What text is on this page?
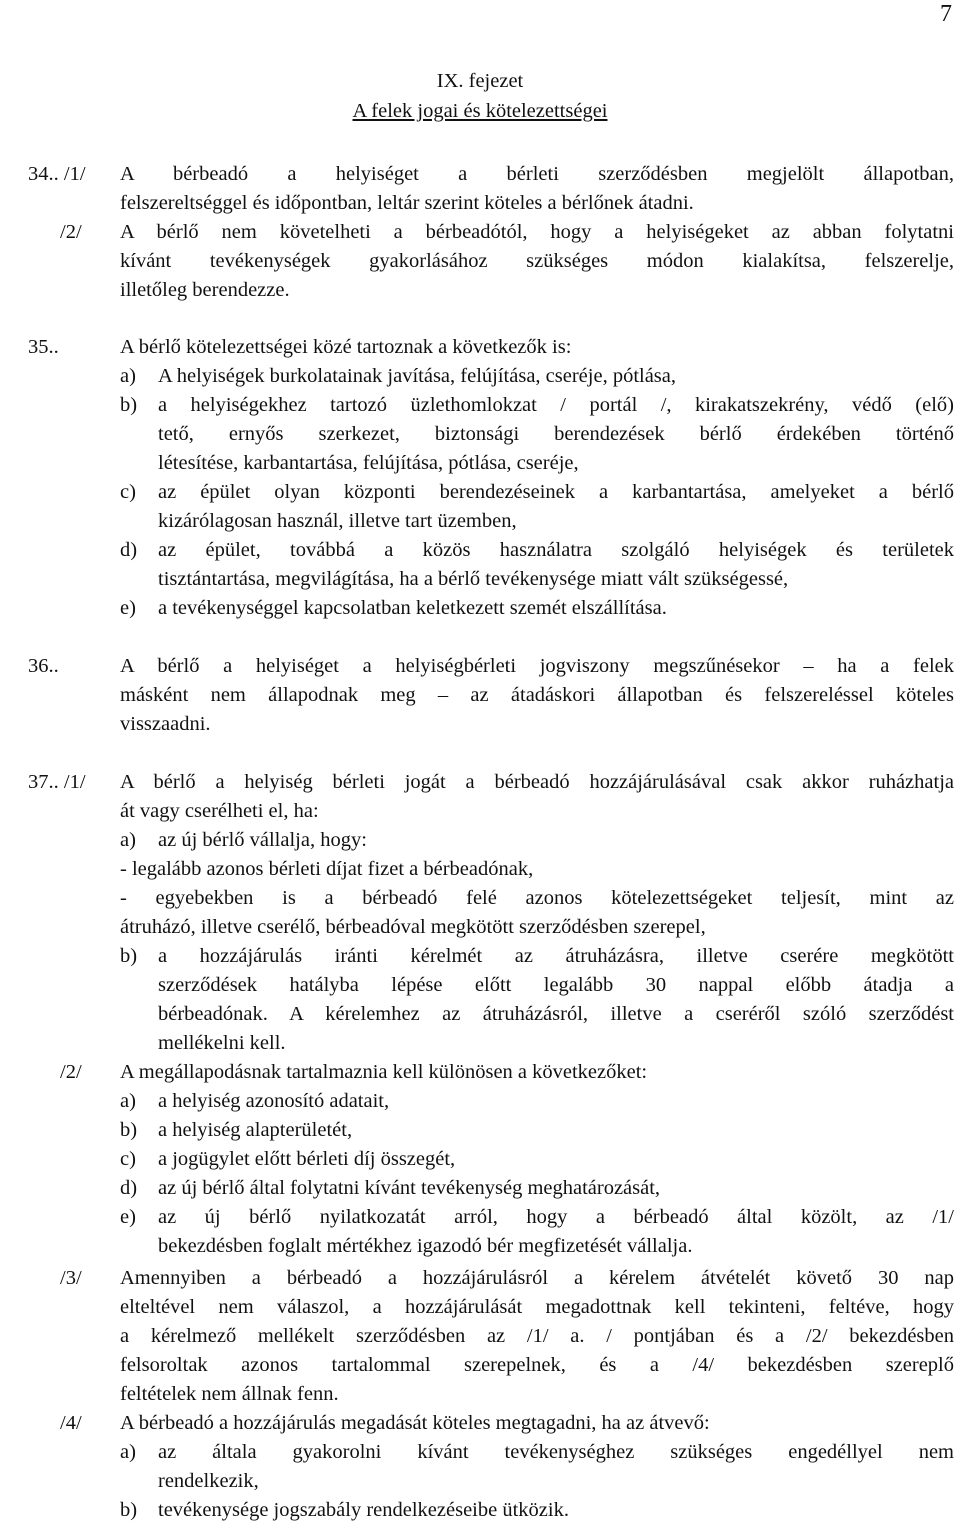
7
IX. fejezet
A felek jogai és kötelezettségei
34.. /1/ A bérbeadó a helyiséget a bérleti szerződésben megjelölt állapotban,

felszereltséggel és időpontban, leltár szerint köteles a bérlőnek átadni.

/2/ A bérlő nem követelheti a bérbeadótól, hogy a helyiségeket az abban folytatni

kívánt tevékenységek gyakorlásához szükséges módon kialakítsa, felszerelje,

illetőleg berendezze.

35..	A bérlő kötelezettségei közé tartoznak a következők is:

a) A helyiségek burkolatainak javítása, felújítása, cseréje, pótlása,

b) a helyiségekhez tartozó üzlethomlokzat / portál /, kirakatszekrény, védő (elő)

tető, ernyős szerkezet, biztonsági berendezések bérlő érdekében történő

létesítése, karbantartása, felújítása, pótlása, cseréje,

c) az épület olyan központi berendezéseinek a karbantartása, amelyeket a bérlő

kizárólagosan használ, illetve tart üzemben,

d) az épület, továbbá a közös használatra szolgáló helyiségek és területek

tisztántartása, megvilágítása, ha a bérlő tevékenysége miatt vált szükségessé,

e) a tevékenységgel kapcsolatban keletkezett szemét elszállítása.

36..	A bérlő a helyiséget a helyiségbérleti jogviszony megszűnésekor – ha a felek

másként nem állapodnak meg – az átadáskori állapotban és felszereléssel köteles

visszaadni.

37.. /1/ A bérlő a helyiség bérleti jogát a bérbeadó hozzájárulásával csak akkor ruházhatja

át vagy cserélheti el, ha:

a) az új bérlő vállalja, hogy:

- legalább azonos bérleti díjat fizet a bérbeadónak,

- egyebekben is a bérbeadó felé azonos kötelezettségeket teljesít, mint az

átruházó, illetve cserélő, bérbeadóval megkötött szerződésben szerepel,

b) a hozzájárulás iránti kérelmét az átruházásra, illetve cserére megkötött

szerződések hatályba lépése előtt legalább 30 nappal előbb átadja a

bérbeadónak. A kérelemhez az átruházásról, illetve a cseréről szóló szerződést

mellékelni kell.

/2/ A megállapodásnak tartalmaznia kell különösen a következőket:

a) a helyiség azonosító adatait,

b) a helyiség alapterületét,

c) a jogügylet előtt bérleti díj összegét,

d) az új bérlő által folytatni kívánt tevékenység meghatározását,

e) az új bérlő nyilatkozatát arról, hogy a bérbeadó által közölt, az /1/

bekezdésben foglalt mértékhez igazodó bér megfizetését vállalja.

/3/ Amennyiben a bérbeadó a hozzájárulásról a kérelem átvételét követő 30 nap

elteltével nem válaszol, a hozzájárulását megadottnak kell tekinteni, feltéve, hogy

a kérelmező mellékelt szerződésben az /1/ a. / pontjában és a /2/ bekezdésben

felsoroltak azonos tartalommal szerepelnek, és a /4/ bekezdésben szereplő

feltételek nem állnak fenn.

/4/ A bérbeadó a hozzájárulás megadását köteles megtagadni, ha az átvevő:

a) az általa gyakorolni kívánt tevékenységhez szükséges engedéllyel nem

rendelkezik,

b) tevékenysége jogszabály rendelkezéseibe ütközik.
